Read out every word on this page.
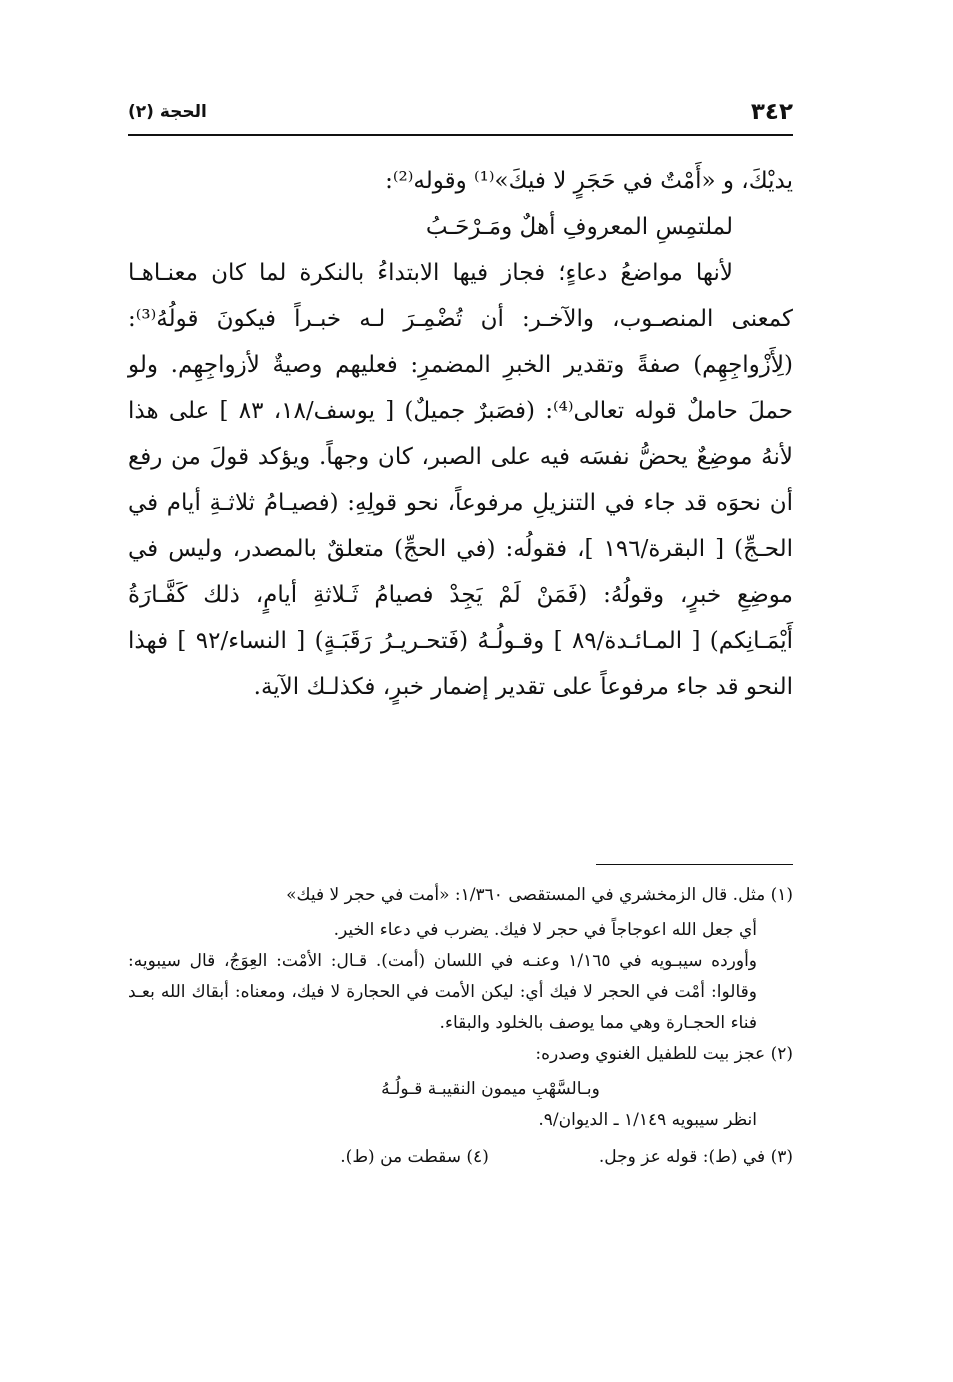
٣٤٢
الحجة (٢)

يديْكَ، و «أَمْتٌ في حَجَرٍ لا فيكَ»⁽¹⁾ وقوله⁽²⁾:

لملتمِسِ المعروفِ أهلٌ ومَـرْحَـبُ

لأنها مواضعُ دعاءٍ؛ فجاز فيها الابتداءُ بالنكرة لما كان معنـاهـا كمعنى المنصـوب، والآخـر: أن تُضْمِـرَ لـه خبـراً فيكونَ قولُهُ⁽³⁾: (لِأَزْواجِهِم) صفةً وتقدير الخبرِ المضمرِ: فعليهم وصيةٌ لأزواجِهِم. ولو حملَ حاملٌ قوله تعالى⁽⁴⁾: (فصَبرٌ جميلٌ) [ يوسف/١٨، ٨٣ ] على هذا لأنهُ موضِعٌ يحضُّ نفسَه فيه على الصبر، كان وجهاً. ويؤكد قولَ من رفع أن نحوَه قد جاء في التنزيلِ مرفوعاً، نحو قولِهِ: (فصيـامُ ثلاثـةِ أيام في الحـجِّ) [ البقرة/١٩٦ ]، فقولُه: (في الحجِّ) متعلقٌ بالمصدر، وليس في موضِعِ خبرٍ، وقولُهُ: (فَمَنْ لَمْ يَجِدْ فصيامُ ثَـلاثةِ أيامٍ، ذلك كَفَّـارَةُ أَيْمَـانِكم) [ المـائـدة/٨٩ ] وقـولُـهُ (فَتحـريـرُ رَقَبَـةٍ) [ النساء/٩٢ ] فهذا النحو قد جاء مرفوعاً على تقدير إضمار خبرٍ، فكذلـك الآية.

(١) مثل. قال الزمخشري في المستقصى ١/٣٦٠: «أمت في حجر لا فيك»

أي جعل الله اعوجاجاً في حجر لا فيك. يضرب في دعاء الخير.

وأورده سيبـويه في ١/١٦٥ وعنـه في اللسان (أمت). قـال: الأمْت: العِوَجُ، قال سيبويه: وقالوا: أمْت في الحجر لا فيك أي: ليكن الأمت في الحجارة لا فيك، ومعناه: أبقاك الله بعـد فناء الحجـارة وهي مما يوصف بالخلود والبقاء.

(٢) عجز بيت للطفيل الغنوي وصدره:

وبـالسَّهْبِ ميمون النقيبـة قـولُـهُ

انظر سيبويه ١/١٤٩ ـ الديوان/٩.

(٣) في (ط): قوله عز وجل.
(٤) سقطت من (ط).
